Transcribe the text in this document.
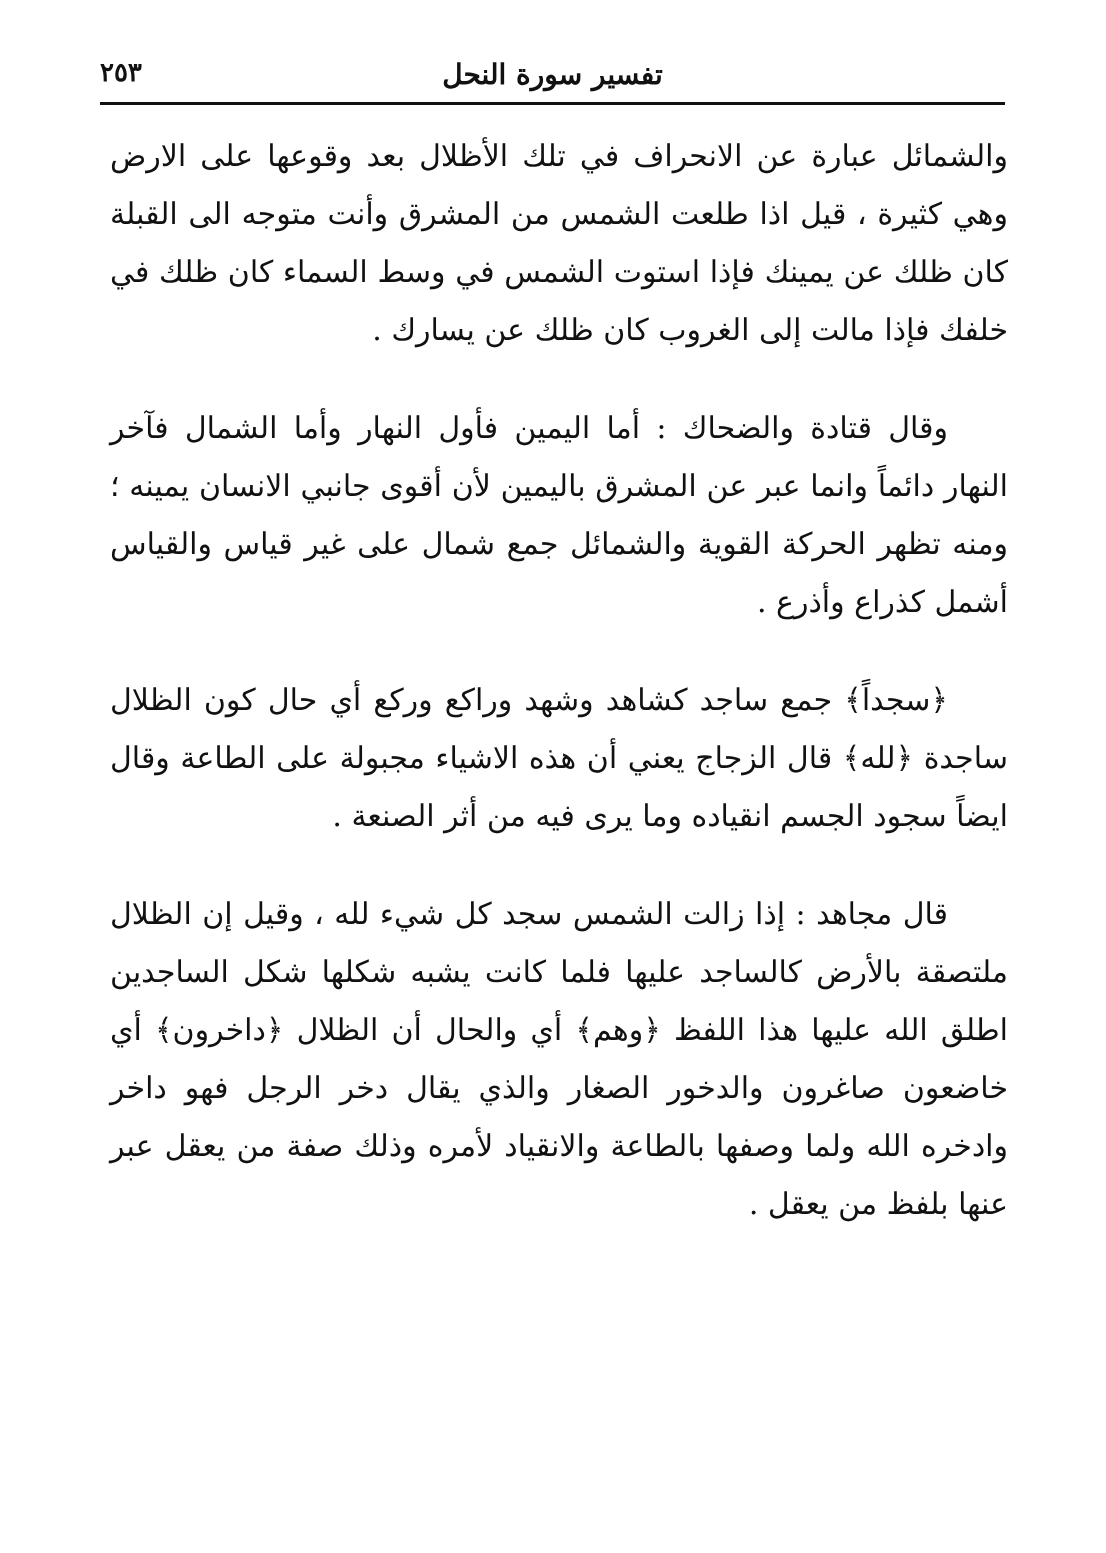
٢٥٣	تفسير سورة النحل

والشمائل عبارة عن الانحراف في تلك الأظلال بعد وقوعها على الارض وهي كثيرة ، قيل اذا طلعت الشمس من المشرق وأنت متوجه الى القبلة كان ظلك عن يمينك فإذا استوت الشمس في وسط السماء كان ظلك في خلفك فإذا مالت إلى الغروب كان ظلك عن يسارك .

وقال قتادة والضحاك : أما اليمين فأول النهار وأما الشمال فآخر النهار دائماً وانما عبر عن المشرق باليمين لأن أقوى جانبي الانسان يمينه ؛ ومنه تظهر الحركة القوية والشمائل جمع شمال على غير قياس والقياس أشمل كذراع وأذرع .

﴿سجداً﴾ جمع ساجد كشاهد وشهد وراكع وركع أي حال كون الظلال ساجدة ﴿لله﴾ قال الزجاج يعني أن هذه الاشياء مجبولة على الطاعة وقال ايضاً سجود الجسم انقياده وما يرى فيه من أثر الصنعة .

قال مجاهد : إذا زالت الشمس سجد كل شيء لله ، وقيل إن الظلال ملتصقة بالأرض كالساجد عليها فلما كانت يشبه شكلها شكل الساجدين اطلق الله عليها هذا اللفظ ﴿وهم﴾ أي والحال أن الظلال ﴿داخرون﴾ أي خاضعون صاغرون والدخور الصغار والذي يقال دخر الرجل فهو داخر وادخره الله ولما وصفها بالطاعة والانقياد لأمره وذلك صفة من يعقل عبر عنها بلفظ من يعقل .
